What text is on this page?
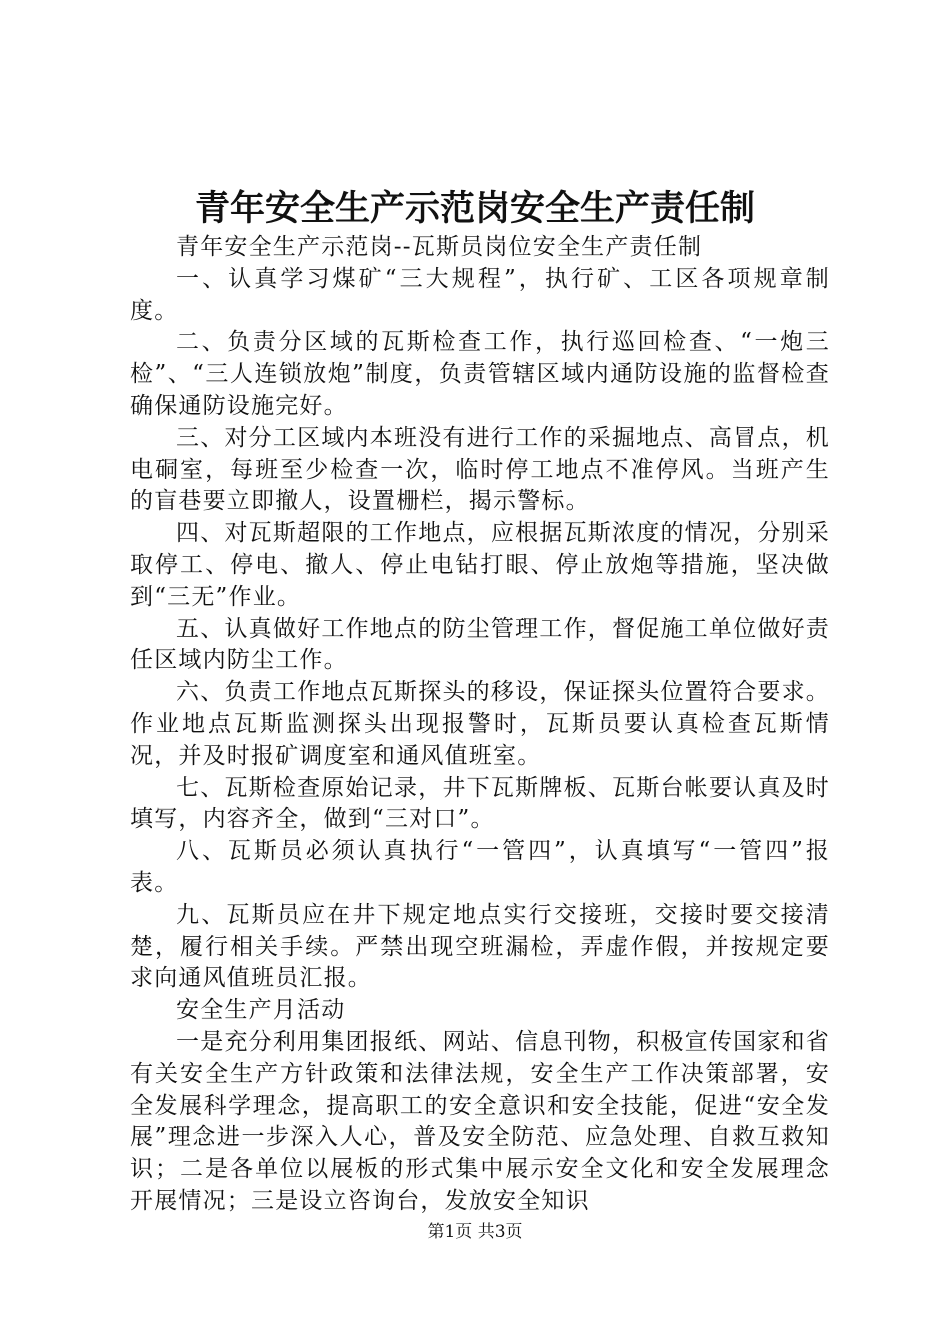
青年安全生产示范岗安全生产责任制

青年安全生产示范岗--瓦斯员岗位安全生产责任制

一、认真学习煤矿“三大规程”，执行矿、工区各项规章制度。

二、负责分区域的瓦斯检查工作，执行巡回检查、“一炮三检”、“三人连锁放炮”制度，负责管辖区域内通防设施的监督检查确保通防设施完好。

三、对分工区域内本班没有进行工作的采掘地点、高冒点，机电硐室，每班至少检查一次，临时停工地点不准停风。当班产生的盲巷要立即撤人，设置栅栏，揭示警标。

四、对瓦斯超限的工作地点，应根据瓦斯浓度的情况，分别采取停工、停电、撤人、停止电钻打眼、停止放炮等措施，坚决做到“三无”作业。

五、认真做好工作地点的防尘管理工作，督促施工单位做好责任区域内防尘工作。

六、负责工作地点瓦斯探头的移设，保证探头位置符合要求。作业地点瓦斯监测探头出现报警时，瓦斯员要认真检查瓦斯情况，并及时报矿调度室和通风值班室。

七、瓦斯检查原始记录，井下瓦斯牌板、瓦斯台帐要认真及时填写，内容齐全，做到“三对口”。

八、瓦斯员必须认真执行“一管四”，认真填写“一管四”报表。

九、瓦斯员应在井下规定地点实行交接班，交接时要交接清楚，履行相关手续。严禁出现空班漏检，弄虚作假，并按规定要求向通风值班员汇报。

安全生产月活动

一是充分利用集团报纸、网站、信息刊物，积极宣传国家和省有关安全生产方针政策和法律法规，安全生产工作决策部署，安全发展科学理念，提高职工的安全意识和安全技能，促进“安全发展”理念进一步深入人心，普及安全防范、应急处理、自救互救知识；二是各单位以展板的形式集中展示安全文化和安全发展理念开展情况；三是设立咨询台，发放安全知识

第1页 共3页
